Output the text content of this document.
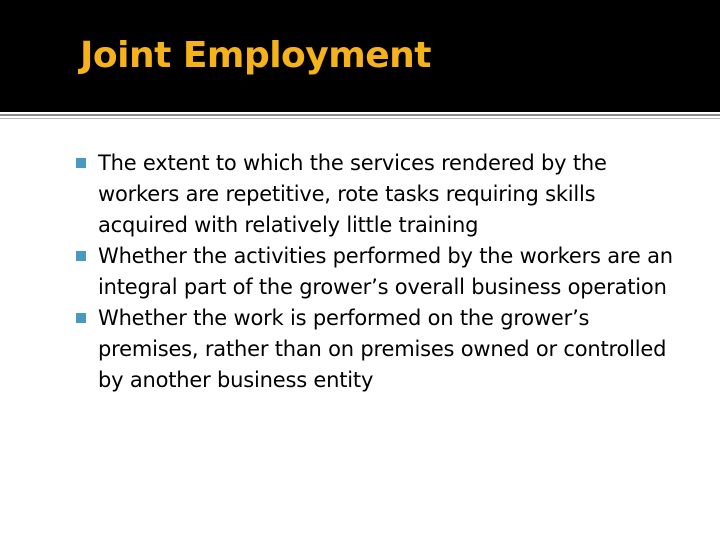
Joint Employment
The extent to which the services rendered by the workers are repetitive, rote tasks requiring skills acquired with relatively little training
Whether the activities performed by the workers are an integral part of the grower’s overall business operation
Whether the work is performed on the grower’s premises, rather than on premises owned or controlled by another business entity
